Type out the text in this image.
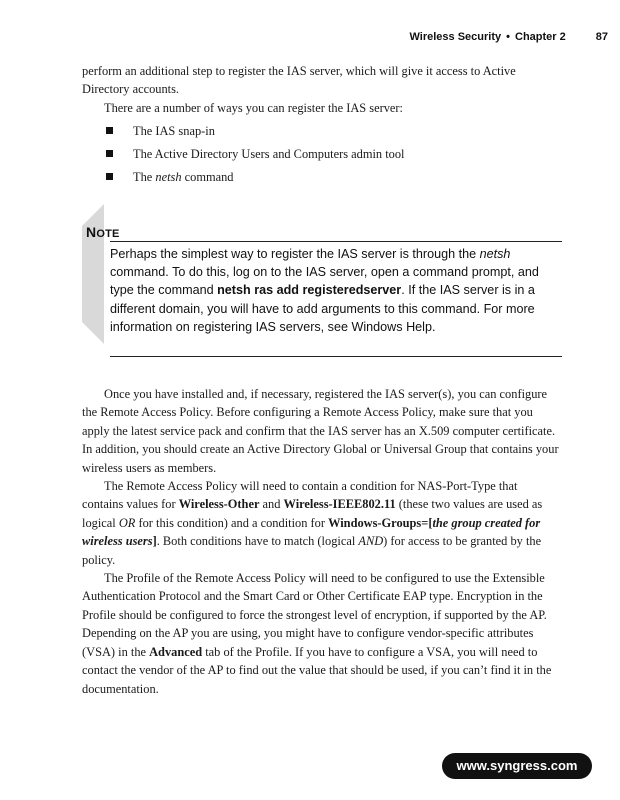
Wireless Security • Chapter 2	87

perform an additional step to register the IAS server, which will give it access to Active Directory accounts.

There are a number of ways you can register the IAS server:

The IAS snap-in
The Active Directory Users and Computers admin tool
The netsh command
NOTE

Perhaps the simplest way to register the IAS server is through the netsh command. To do this, log on to the IAS server, open a command prompt, and type the command netsh ras add registeredserver. If the IAS server is in a different domain, you will have to add arguments to this command. For more information on registering IAS servers, see Windows Help.

Once you have installed and, if necessary, registered the IAS server(s), you can configure the Remote Access Policy. Before configuring a Remote Access Policy, make sure that you apply the latest service pack and confirm that the IAS server has an X.509 computer certificate. In addition, you should create an Active Directory Global or Universal Group that contains your wireless users as members.

The Remote Access Policy will need to contain a condition for NAS-Port-Type that contains values for Wireless-Other and Wireless-IEEE802.11 (these two values are used as logical OR for this condition) and a condition for Windows-Groups=[the group created for wireless users]. Both conditions have to match (logical AND) for access to be granted by the policy.

The Profile of the Remote Access Policy will need to be configured to use the Extensible Authentication Protocol and the Smart Card or Other Certificate EAP type. Encryption in the Profile should be configured to force the strongest level of encryption, if supported by the AP. Depending on the AP you are using, you might have to configure vendor-specific attributes (VSA) in the Advanced tab of the Profile. If you have to configure a VSA, you will need to contact the vendor of the AP to find out the value that should be used, if you can’t find it in the documentation.

www.syngress.com
